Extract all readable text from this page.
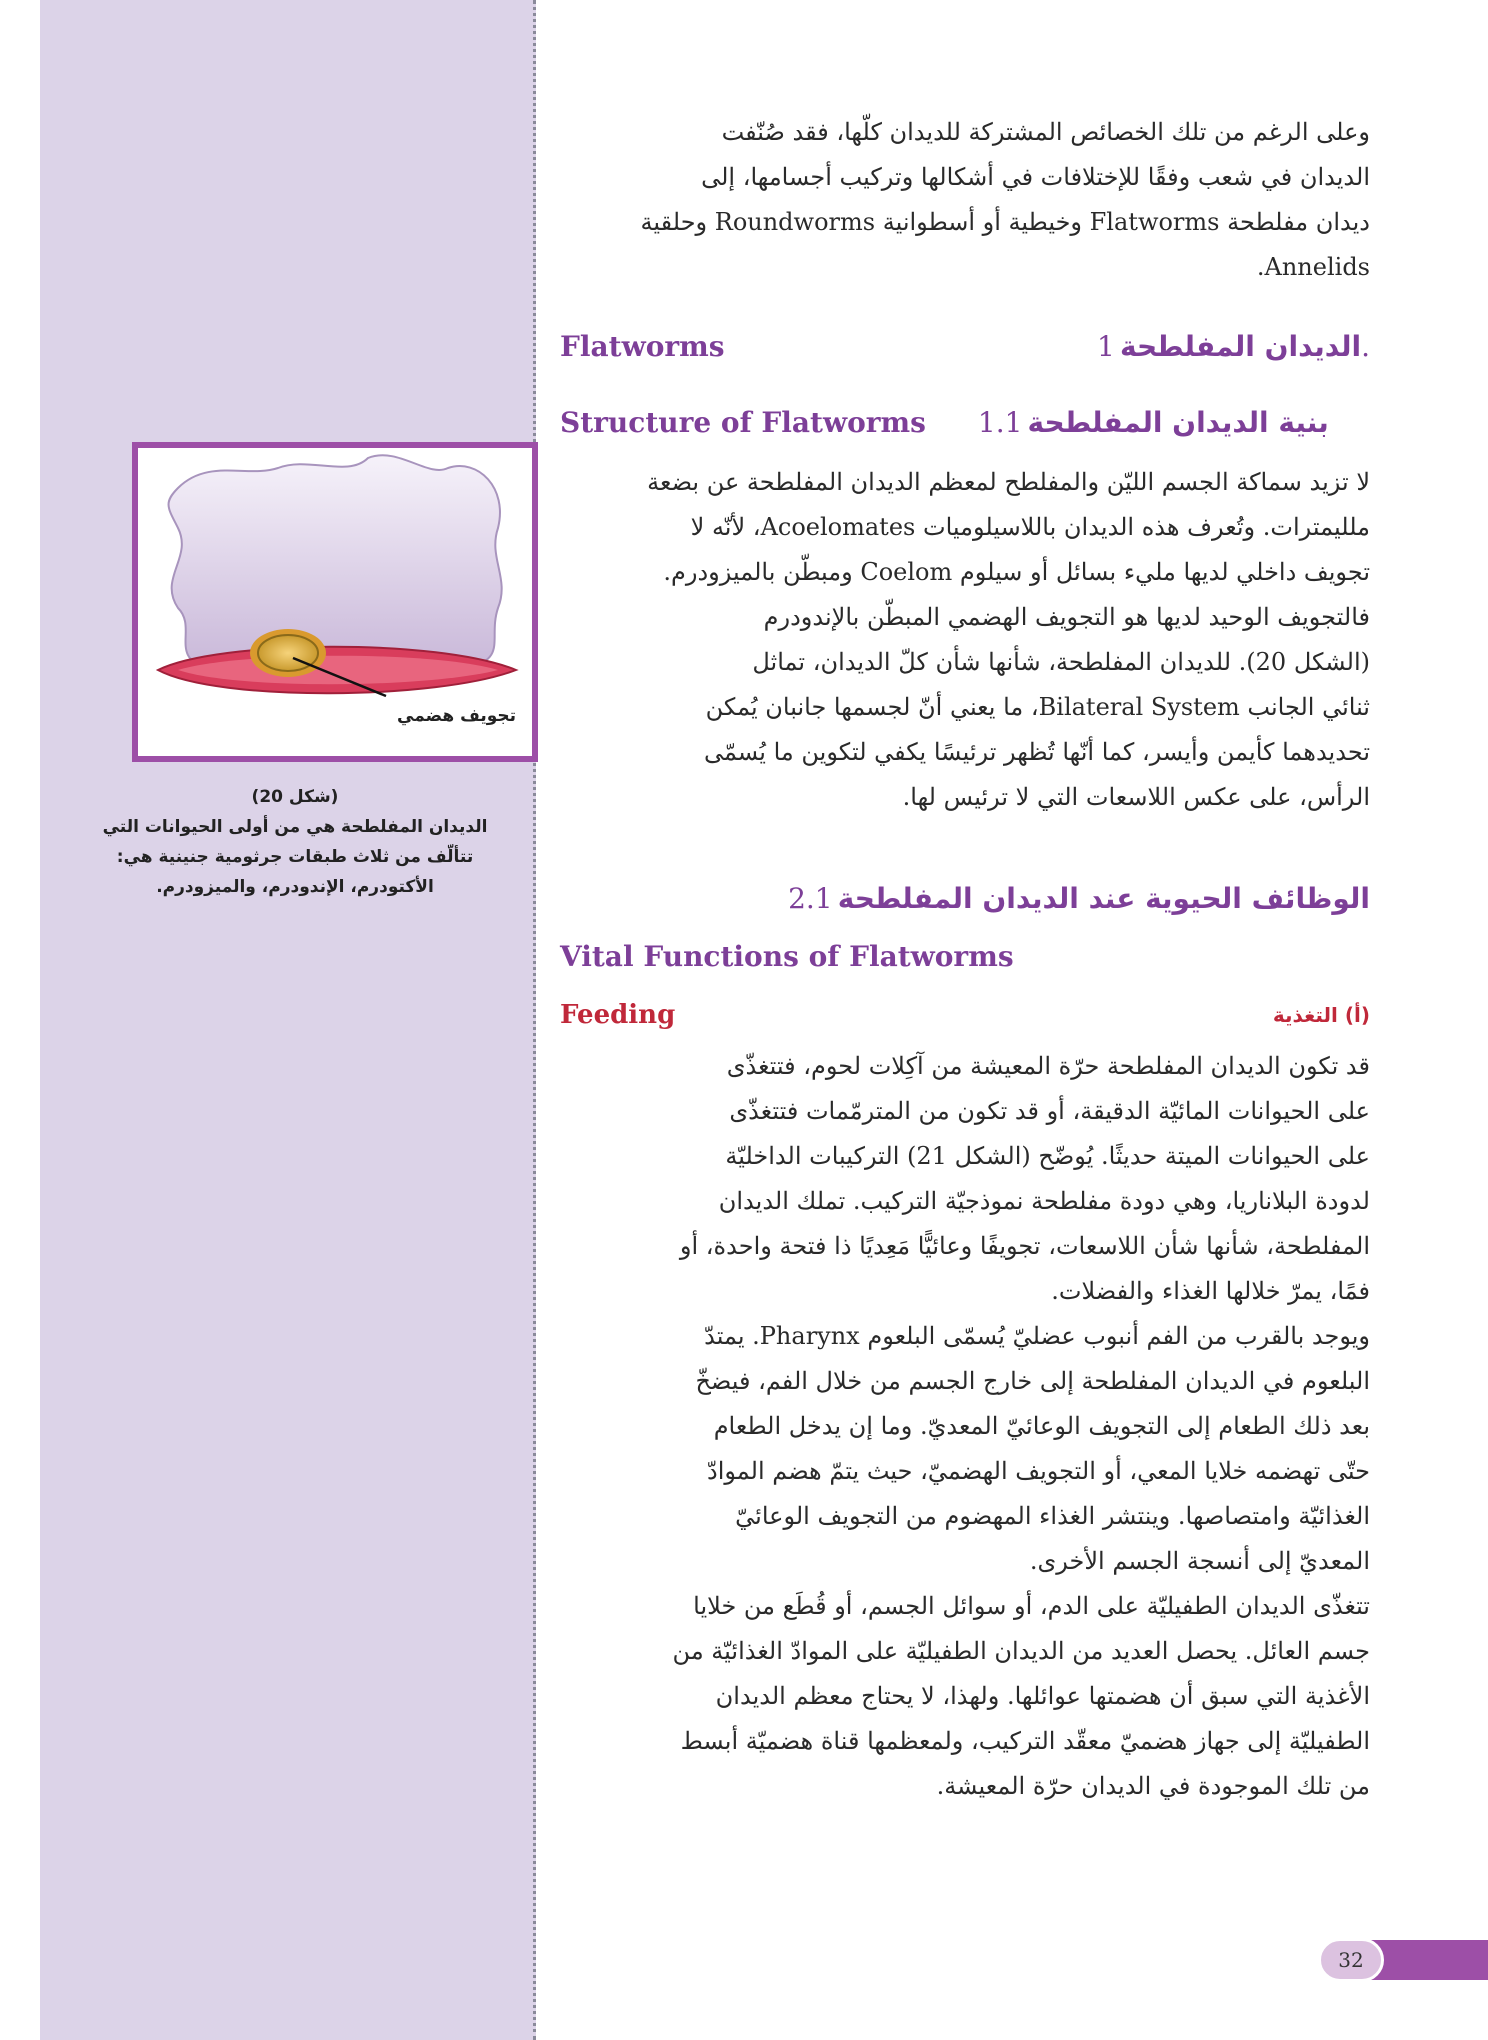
تجويف هضمي
(شكل 20)
الديدان المفلطحة هي من أولى الحيوانات التي
تتألّف من ثلاث طبقات جرثومية جنينية هي:
الأكتودرم، الإندودرم، والميزودرم.

وعلى الرغم من تلك الخصائص المشتركة للديدان كلّها، فقد صُنّفت

الديدان في شعب وفقًا للإختلافات في أشكالها وتركيب أجسامها، إلى

ديدان مفلطحة Flatworms وخيطية أو أسطوانية Roundworms وحلقية

.Annelids

Flatworms	الديدان المفلطحة 1.
Structure of Flatworms	بنية الديدان المفلطحة 1.1

لا تزيد سماكة الجسم الليّن والمفلطح لمعظم الديدان المفلطحة عن بضعة

ملليمترات. وتُعرف هذه الديدان باللاسيلوميات Acoelomates، لأنّه لا

تجويف داخلي لديها مليء بسائل أو سيلوم Coelom ومبطّن بالميزودرم.

فالتجويف الوحيد لديها هو التجويف الهضمي المبطّن بالإندودرم

(الشكل 20). للديدان المفلطحة، شأنها شأن كلّ الديدان، تماثل

ثنائي الجانب Bilateral System، ما يعني أنّ لجسمها جانبان يُمكن

تحديدهما كأيمن وأيسر، كما أنّها تُظهر ترئيسًا يكفي لتكوين ما يُسمّى

الرأس، على عكس اللاسعات التي لا ترئيس لها.

الوظائف الحيوية عند الديدان المفلطحة 2.1
Vital Functions of Flatworms
Feeding	(أ) التغذية

قد تكون الديدان المفلطحة حرّة المعيشة من آكِلات لحوم، فتتغذّى

على الحيوانات المائيّة الدقيقة، أو قد تكون من المترمّمات فتتغذّى

على الحيوانات الميتة حديثًا. يُوضّح (الشكل 21) التركيبات الداخليّة

لدودة البلاناريا، وهي دودة مفلطحة نموذجيّة التركيب. تملك الديدان

المفلطحة، شأنها شأن اللاسعات، تجويفًا وعائيًّا مَعِديًا ذا فتحة واحدة، أو

فمًا، يمرّ خلالها الغذاء والفضلات.

ويوجد بالقرب من الفم أنبوب عضليّ يُسمّى البلعوم Pharynx. يمتدّ

البلعوم في الديدان المفلطحة إلى خارج الجسم من خلال الفم، فيضخّ

بعد ذلك الطعام إلى التجويف الوعائيّ المعديّ. وما إن يدخل الطعام

حتّى تهضمه خلايا المعي، أو التجويف الهضميّ، حيث يتمّ هضم الموادّ

الغذائيّة وامتصاصها. وينتشر الغذاء المهضوم من التجويف الوعائيّ

المعديّ إلى أنسجة الجسم الأخرى.

تتغذّى الديدان الطفيليّة على الدم، أو سوائل الجسم، أو قُطَع من خلايا

جسم العائل. يحصل العديد من الديدان الطفيليّة على الموادّ الغذائيّة من

الأغذية التي سبق أن هضمتها عوائلها. ولهذا، لا يحتاج معظم الديدان

الطفيليّة إلى جهاز هضميّ معقّد التركيب، ولمعظمها قناة هضميّة أبسط

من تلك الموجودة في الديدان حرّة المعيشة.

32
